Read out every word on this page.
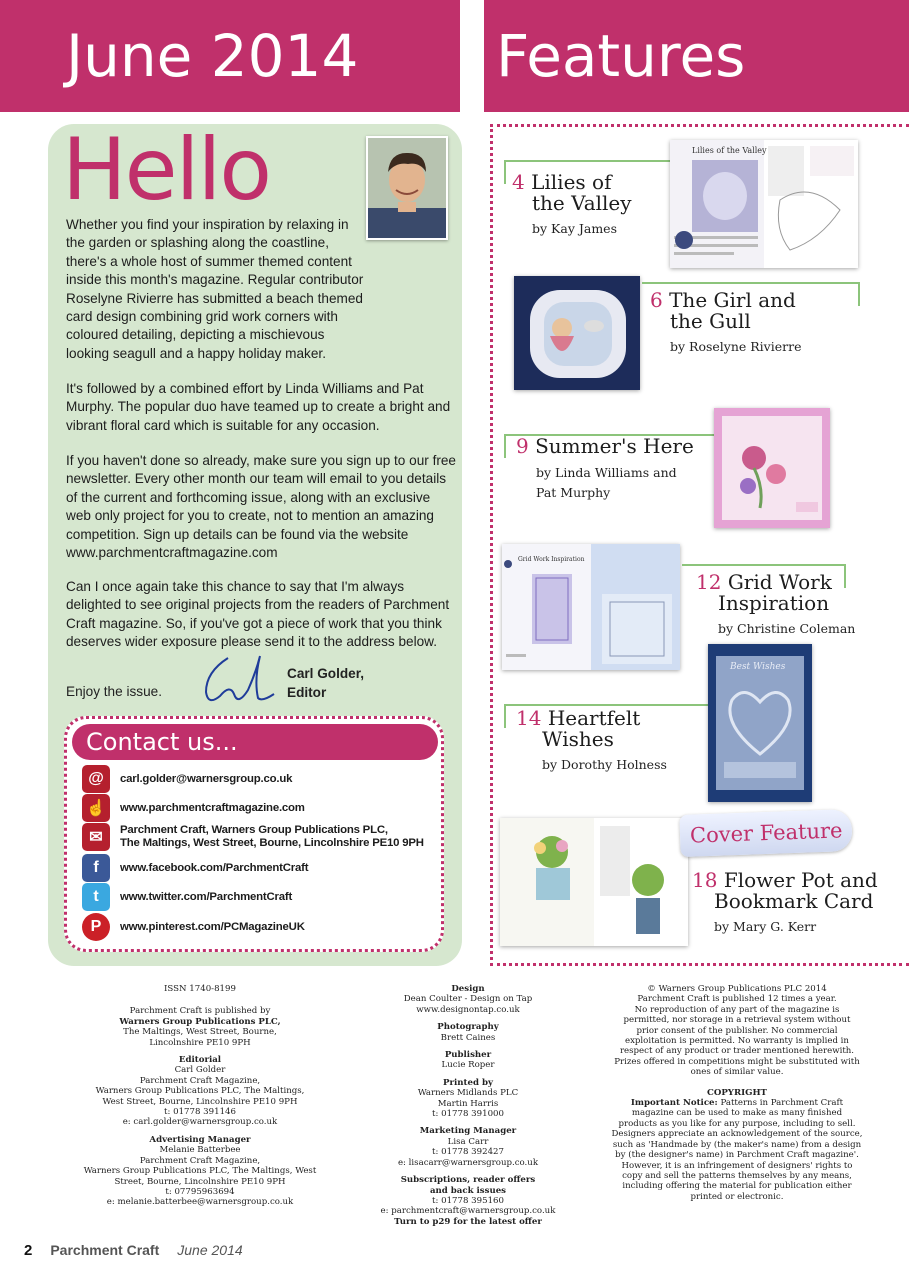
June 2014	Features
Hello
Whether you find your inspiration by relaxing in the garden or splashing along the coastline, there's a whole host of summer themed content inside this month's magazine. Regular contributor Roselyne Rivierre has submitted a beach themed card design combining grid work corners with coloured detailing, depicting a mischievous looking seagull and a happy holiday maker.
It's followed by a combined effort by Linda Williams and Pat Murphy. The popular duo have teamed up to create a bright and vibrant floral card which is suitable for any occasion.
If you haven't done so already, make sure you sign up to our free newsletter. Every other month our team will email to you details of the current and forthcoming issue, along with an exclusive web only project for you to create, not to mention an amazing competition. Sign up details can be found via the website www.parchmentcraftmagazine.com
Can I once again take this chance to say that I'm always delighted to see original projects from the readers of Parchment Craft magazine. So, if you've got a piece of work that you think deserves wider exposure please send it to the address below.
Enjoy the issue.
Carl Golder,
Editor
Contact us...
@	carl.golder@warnersgroup.co.uk
☝	www.parchmentcraftmagazine.com
✉	Parchment Craft, Warners Group Publications PLC,
The Maltings, West Street, Bourne, Lincolnshire PE10 9PH
f	www.facebook.com/ParchmentCraft
t	www.twitter.com/ParchmentCraft
P	www.pinterest.com/PCMagazineUK
4 Lilies of
the Valley
by Kay James
Lilies of the Valley
6 The Girl and
the Gull
by Roselyne Rivierre
9 Summer's Here
by Linda Williams and
Pat Murphy
Grid Work Inspiration
12 Grid Work
Inspiration
by Christine Coleman
14 Heartfelt
Wishes
by Dorothy Holness
Best Wishes
Cover Feature
18 Flower Pot and
Bookmark Card
by Mary G. Kerr
ISSN 1740-8199
Parchment Craft is published by
Warners Group Publications PLC,
The Maltings, West Street, Bourne,
Lincolnshire PE10 9PH
Editorial
Carl Golder
Parchment Craft Magazine,
Warners Group Publications PLC, The Maltings,
West Street, Bourne, Lincolnshire PE10 9PH
t: 01778 391146
e: carl.golder@warnersgroup.co.uk
Advertising Manager
Melanie Batterbee
Parchment Craft Magazine,
Warners Group Publications PLC, The Maltings, West
Street, Bourne, Lincolnshire PE10 9PH
t: 07795963694
e: melanie.batterbee@warnersgroup.co.uk
Design
Dean Coulter - Design on Tap
www.designontap.co.uk
Photography
Brett Caines
Publisher
Lucie Roper
Printed by
Warners Midlands PLC
Martin Harris
t: 01778 391000
Marketing Manager
Lisa Carr
t: 01778 392427
e: lisacarr@warnersgroup.co.uk
Subscriptions, reader offers
and back issues
t: 01778 395160
e: parchmentcraft@warnersgroup.co.uk
Turn to p29 for the latest offer
© Warners Group Publications PLC 2014
Parchment Craft is published 12 times a year.
No reproduction of any part of the magazine is
permitted, nor storage in a retrieval system without
prior consent of the publisher. No commercial
exploitation is permitted. No warranty is implied in
respect of any product or trader mentioned herewith.
Prizes offered in competitions might be substituted with
ones of similar value.
COPYRIGHT
Important Notice: Patterns in Parchment Craft
magazine can be used to make as many finished
products as you like for any purpose, including to sell.
Designers appreciate an acknowledgement of the source,
such as 'Handmade by (the maker's name) from a design
by (the designer's name) in Parchment Craft magazine'.
However, it is an infringement of designers' rights to
copy and sell the patterns themselves by any means,
including offering the material for publication either
printed or electronic.
2 Parchment Craft June 2014
